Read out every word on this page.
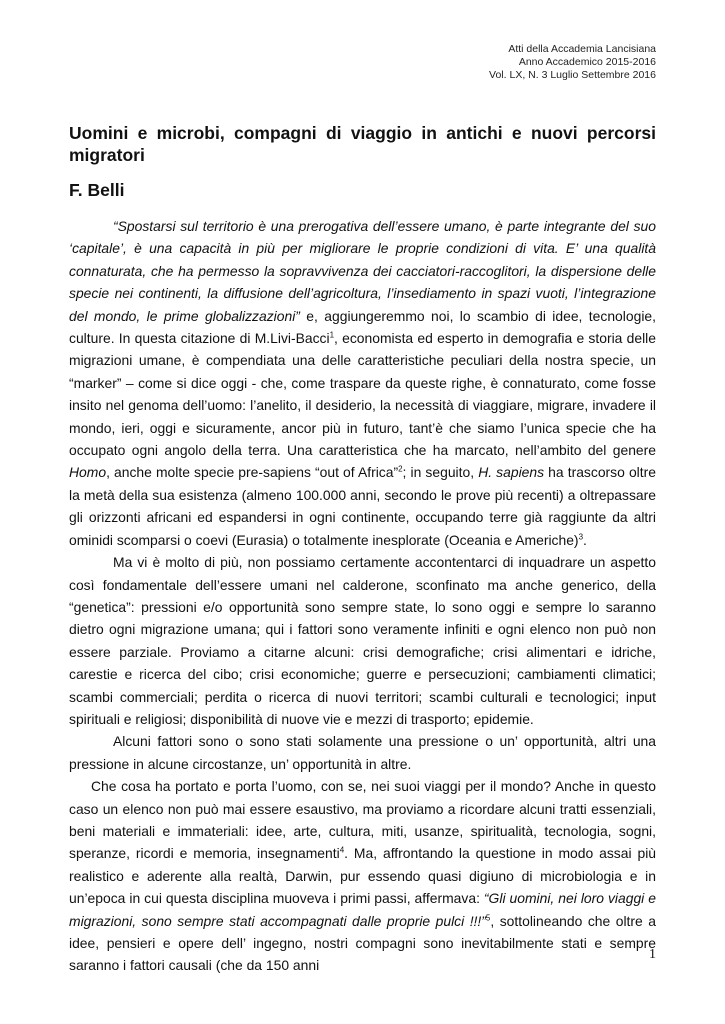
Atti della Accademia Lancisiana
Anno Accademico 2015-2016
Vol. LX, N. 3 Luglio Settembre 2016
Uomini e microbi, compagni di viaggio in antichi e nuovi percorsi migratori
F. Belli

“Spostarsi sul territorio è una prerogativa dell’essere umano, è parte integrante del suo ‘capitale’, è una capacità in più per migliorare le proprie condizioni di vita. E’ una qualità connaturata, che ha permesso la sopravvivenza dei cacciatori-raccoglitori, la dispersione delle specie nei continenti, la diffusione dell’agricoltura, l’insediamento in spazi vuoti, l’integrazione del mondo, le prime globalizzazioni” e, aggiungeremmo noi, lo scambio di idee, tecnologie, culture. In questa citazione di M.Livi-Bacci$^1$, economista ed esperto in demografia e storia delle migrazioni umane, è compendiata una delle caratteristiche peculiari della nostra specie, un “marker” – come si dice oggi - che, come traspare da queste righe, è connaturato, come fosse insito nel genoma dell’uomo: l’anelito, il desiderio, la necessità di viaggiare, migrare, invadere il mondo, ieri, oggi e sicuramente, ancor più in futuro, tant’è che siamo l’unica specie che ha occupato ogni angolo della terra. Una caratteristica che ha marcato, nell’ambito del genere Homo, anche molte specie pre-sapiens “out of Africa”$^2$; in seguito, H. sapiens ha trascorso oltre la metà della sua esistenza (almeno 100.000 anni, secondo le prove più recenti) a oltrepassare gli orizzonti africani ed espandersi in ogni continente, occupando terre già raggiunte da altri ominidi scomparsi o coevi (Eurasia) o totalmente inesplorate (Oceania e Americhe)$^3$.

Ma vi è molto di più, non possiamo certamente accontentarci di inquadrare un aspetto così fondamentale dell’essere umani nel calderone, sconfinato ma anche generico, della “genetica”: pressioni e/o opportunità sono sempre state, lo sono oggi e sempre lo saranno dietro ogni migrazione umana; qui i fattori sono veramente infiniti e ogni elenco non può non essere parziale. Proviamo a citarne alcuni: crisi demografiche; crisi alimentari e idriche, carestie e ricerca del cibo; crisi economiche; guerre e persecuzioni; cambiamenti climatici; scambi commerciali; perdita o ricerca di nuovi territori; scambi culturali e tecnologici; input spirituali e religiosi; disponibilità di nuove vie e mezzi di trasporto; epidemie.

Alcuni fattori sono o sono stati solamente una pressione o un’ opportunità, altri una pressione in alcune circostanze, un’ opportunità in altre.

Che cosa ha portato e porta l’uomo, con se, nei suoi viaggi per il mondo? Anche in questo caso un elenco non può mai essere esaustivo, ma proviamo a ricordare alcuni tratti essenziali, beni materiali e immateriali: idee, arte, cultura, miti, usanze, spiritualità, tecnologia, sogni, speranze, ricordi e memoria, insegnamenti$^4$. Ma, affrontando la questione in modo assai più realistico e aderente alla realtà, Darwin, pur essendo quasi digiuno di microbiologia e in un’epoca in cui questa disciplina muoveva i primi passi, affermava: “Gli uomini, nei loro viaggi e migrazioni, sono sempre stati accompagnati dalle proprie pulci !!!”$^5$, sottolineando che oltre a idee, pensieri e opere dell’ ingegno, nostri compagni sono inevitabilmente stati e sempre saranno i fattori causali (che da 150 anni

1
